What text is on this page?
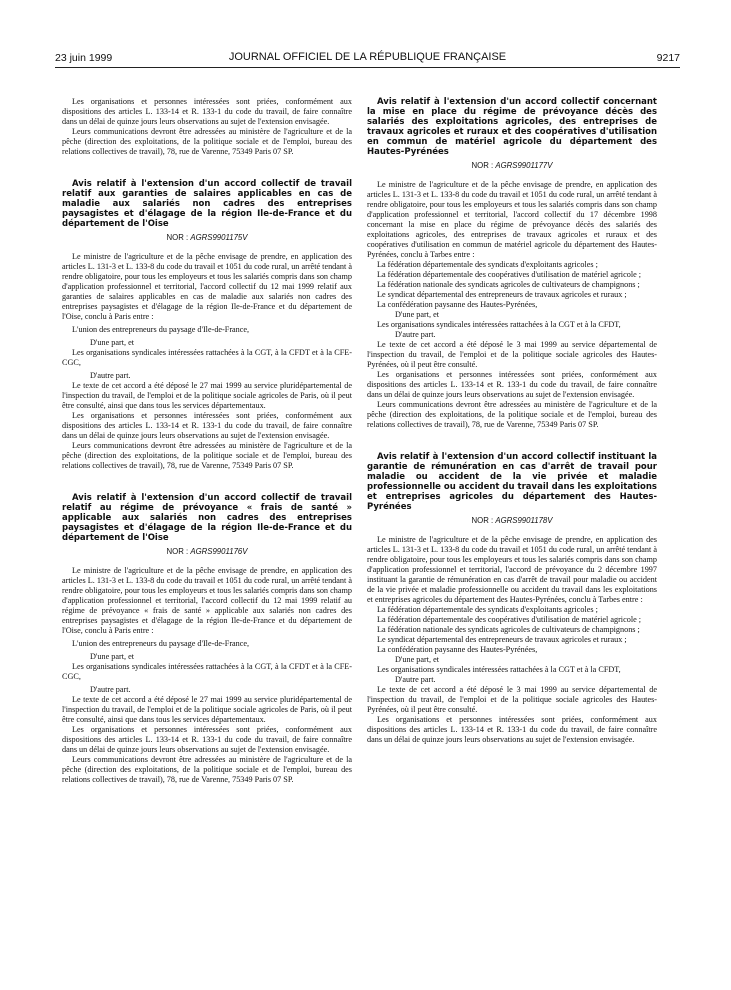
23 juin 1999	JOURNAL OFFICIEL DE LA RÉPUBLIQUE FRANÇAISE	9217

Les organisations et personnes intéressées sont priées, conformément aux dispositions des articles L. 133-14 et R. 133-1 du code du travail, de faire connaître dans un délai de quinze jours leurs observations au sujet de l'extension envisagée.

Leurs communications devront être adressées au ministère de l'agriculture et de la pêche (direction des exploitations, de la politique sociale et de l'emploi, bureau des relations collectives de travail), 78, rue de Varenne, 75349 Paris 07 SP.

Avis relatif à l'extension d'un accord collectif de travail relatif aux garanties de salaires applicables en cas de maladie aux salariés non cadres des entreprises paysagistes et d'élagage de la région Ile-de-France et du département de l'Oise

NOR : AGRS9901175V

Le ministre de l'agriculture et de la pêche envisage de prendre, en application des articles L. 131-3 et L. 133-8 du code du travail et 1051 du code rural, un arrêté tendant à rendre obligatoire, pour tous les employeurs et tous les salariés compris dans son champ d'application professionnel et territorial, l'accord collectif du 12 mai 1999 relatif aux garanties de salaires applicables en cas de maladie aux salariés non cadres des entreprises paysagistes et d'élagage de la région Ile-de-France et du département de l'Oise, conclu à Paris entre :

L'union des entrepreneurs du paysage d'Ile-de-France,

D'une part, et

Les organisations syndicales intéressées rattachées à la CGT, à la CFDT et à la CFE-CGC,

D'autre part.

Le texte de cet accord a été déposé le 27 mai 1999 au service pluridépartemental de l'inspection du travail, de l'emploi et de la politique sociale agricoles de Paris, où il peut être consulté, ainsi que dans tous les services départementaux.

Les organisations et personnes intéressées sont priées, conformément aux dispositions des articles L. 133-14 et R. 133-1 du code du travail, de faire connaître dans un délai de quinze jours leurs observations au sujet de l'extension envisagée.

Leurs communications devront être adressées au ministère de l'agriculture et de la pêche (direction des exploitations, de la politique sociale et de l'emploi, bureau des relations collectives de travail), 78, rue de Varenne, 75349 Paris 07 SP.

Avis relatif à l'extension d'un accord collectif de travail relatif au régime de prévoyance « frais de santé » applicable aux salariés non cadres des entreprises paysagistes et d'élagage de la région Ile-de-France et du département de l'Oise

NOR : AGRS9901176V

Le ministre de l'agriculture et de la pêche envisage de prendre, en application des articles L. 131-3 et L. 133-8 du code du travail et 1051 du code rural, un arrêté tendant à rendre obligatoire, pour tous les employeurs et tous les salariés compris dans son champ d'application professionnel et territorial, l'accord collectif du 12 mai 1999 relatif au régime de prévoyance « frais de santé » applicable aux salariés non cadres des entreprises paysagistes et d'élagage de la région Ile-de-France et du département de l'Oise, conclu à Paris entre :

L'union des entrepreneurs du paysage d'Ile-de-France,

D'une part, et

Les organisations syndicales intéressées rattachées à la CGT, à la CFDT et à la CFE-CGC,

D'autre part.

Le texte de cet accord a été déposé le 27 mai 1999 au service pluridépartemental de l'inspection du travail, de l'emploi et de la politique sociale agricoles de Paris, où il peut être consulté, ainsi que dans tous les services départementaux.

Les organisations et personnes intéressées sont priées, conformément aux dispositions des articles L. 133-14 et R. 133-1 du code du travail, de faire connaître dans un délai de quinze jours leurs observations au sujet de l'extension envisagée.

Leurs communications devront être adressées au ministère de l'agriculture et de la pêche (direction des exploitations, de la politique sociale et de l'emploi, bureau des relations collectives de travail), 78, rue de Varenne, 75349 Paris 07 SP.

Avis relatif à l'extension d'un accord collectif concernant la mise en place du régime de prévoyance décès des salariés des exploitations agricoles, des entreprises de travaux agricoles et ruraux et des coopératives d'utilisation en commun de matériel agricole du département des Hautes-Pyrénées

NOR : AGRS9901177V

Le ministre de l'agriculture et de la pêche envisage de prendre, en application des articles L. 131-3 et L. 133-8 du code du travail et 1051 du code rural, un arrêté tendant à rendre obligatoire, pour tous les employeurs et tous les salariés compris dans son champ d'application professionnel et territorial, l'accord collectif du 17 décembre 1998 concernant la mise en place du régime de prévoyance décès des salariés des exploitations agricoles, des entreprises de travaux agricoles et ruraux et des coopératives d'utilisation en commun de matériel agricole du département des Hautes-Pyrénées, conclu à Tarbes entre :

La fédération départementale des syndicats d'exploitants agricoles ;

La fédération départementale des coopératives d'utilisation de matériel agricole ;

La fédération nationale des syndicats agricoles de cultivateurs de champignons ;

Le syndicat départemental des entrepreneurs de travaux agricoles et ruraux ;

La confédération paysanne des Hautes-Pyrénées,

D'une part, et

Les organisations syndicales intéressées rattachées à la CGT et à la CFDT,

D'autre part.

Le texte de cet accord a été déposé le 3 mai 1999 au service départemental de l'inspection du travail, de l'emploi et de la politique sociale agricoles des Hautes-Pyrénées, où il peut être consulté.

Les organisations et personnes intéressées sont priées, conformément aux dispositions des articles L. 133-14 et R. 133-1 du code du travail, de faire connaître dans un délai de quinze jours leurs observations au sujet de l'extension envisagée.

Leurs communications devront être adressées au ministère de l'agriculture et de la pêche (direction des exploitations, de la politique sociale et de l'emploi, bureau des relations collectives de travail), 78, rue de Varenne, 75349 Paris 07 SP.

Avis relatif à l'extension d'un accord collectif instituant la garantie de rémunération en cas d'arrêt de travail pour maladie ou accident de la vie privée et maladie professionnelle ou accident du travail dans les exploitations et entreprises agricoles du département des Hautes-Pyrénées

NOR : AGRS9901178V

Le ministre de l'agriculture et de la pêche envisage de prendre, en application des articles L. 131-3 et L. 133-8 du code du travail et 1051 du code rural, un arrêté tendant à rendre obligatoire, pour tous les employeurs et tous les salariés compris dans son champ d'application professionnel et territorial, l'accord de prévoyance du 2 décembre 1997 instituant la garantie de rémunération en cas d'arrêt de travail pour maladie ou accident de la vie privée et maladie professionnelle ou accident du travail dans les exploitations et entreprises agricoles du département des Hautes-Pyrénées, conclu à Tarbes entre :

La fédération départementale des syndicats d'exploitants agricoles ;

La fédération départementale des coopératives d'utilisation de matériel agricole ;

La fédération nationale des syndicats agricoles de cultivateurs de champignons ;

Le syndicat départemental des entrepreneurs de travaux agricoles et ruraux ;

La confédération paysanne des Hautes-Pyrénées,

D'une part, et

Les organisations syndicales intéressées rattachées à la CGT et à la CFDT,

D'autre part.

Le texte de cet accord a été déposé le 3 mai 1999 au service départemental de l'inspection du travail, de l'emploi et de la politique sociale agricoles des Hautes-Pyrénées, où il peut être consulté.

Les organisations et personnes intéressées sont priées, conformément aux dispositions des articles L. 133-14 et R. 133-1 du code du travail, de faire connaître dans un délai de quinze jours leurs observations au sujet de l'extension envisagée.
